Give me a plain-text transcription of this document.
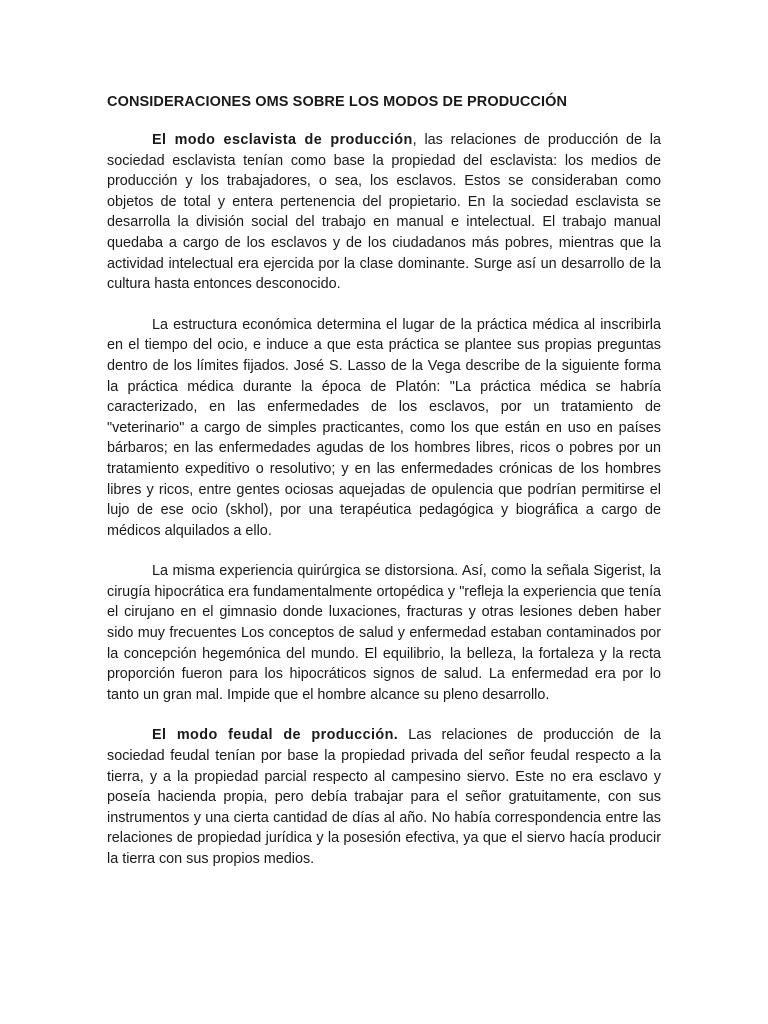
CONSIDERACIONES OMS SOBRE LOS MODOS DE PRODUCCIÓN

El modo esclavista de producción, las relaciones de producción de la sociedad esclavista tenían como base la propiedad del esclavista: los medios de producción y los trabajadores, o sea, los esclavos. Estos se consideraban como objetos de total y entera pertenencia del propietario. En la sociedad esclavista se desarrolla la división social del trabajo en manual e intelectual. El trabajo manual quedaba a cargo de los esclavos y de los ciudadanos más pobres, mientras que la actividad intelectual era ejercida por la clase dominante. Surge así un desarrollo de la cultura hasta entonces desconocido.

La estructura económica determina el lugar de la práctica médica al inscribirla en el tiempo del ocio, e induce a que esta práctica se plantee sus propias preguntas dentro de los límites fijados. José S. Lasso de la Vega describe de la siguiente forma la práctica médica durante la época de Platón: "La práctica médica se habría caracterizado, en las enfermedades de los esclavos, por un tratamiento de "veterinario" a cargo de simples practicantes, como los que están en uso en países bárbaros; en las enfermedades agudas de los hombres libres, ricos o pobres por un tratamiento expeditivo o resolutivo; y en las enfermedades crónicas de los hombres libres y ricos, entre gentes ociosas aquejadas de opulencia que podrían permitirse el lujo de ese ocio (skhol), por una terapéutica pedagógica y biográfica a cargo de médicos alquilados a ello.

La misma experiencia quirúrgica se distorsiona. Así, como la señala Sigerist, la cirugía hipocrática era fundamentalmente ortopédica y "refleja la experiencia que tenía el cirujano en el gimnasio donde luxaciones, fracturas y otras lesiones deben haber sido muy frecuentes Los conceptos de salud y enfermedad estaban contaminados por la concepción hegemónica del mundo. El equilibrio, la belleza, la fortaleza y la recta proporción fueron para los hipocráticos signos de salud. La enfermedad era por lo tanto un gran mal. Impide que el hombre alcance su pleno desarrollo.

El modo feudal de producción. Las relaciones de producción de la sociedad feudal tenían por base la propiedad privada del señor feudal respecto a la tierra, y a la propiedad parcial respecto al campesino siervo. Este no era esclavo y poseía hacienda propia, pero debía trabajar para el señor gratuitamente, con sus instrumentos y una cierta cantidad de días al año. No había correspondencia entre las relaciones de propiedad jurídica y la posesión efectiva, ya que el siervo hacía producir la tierra con sus propios medios.
